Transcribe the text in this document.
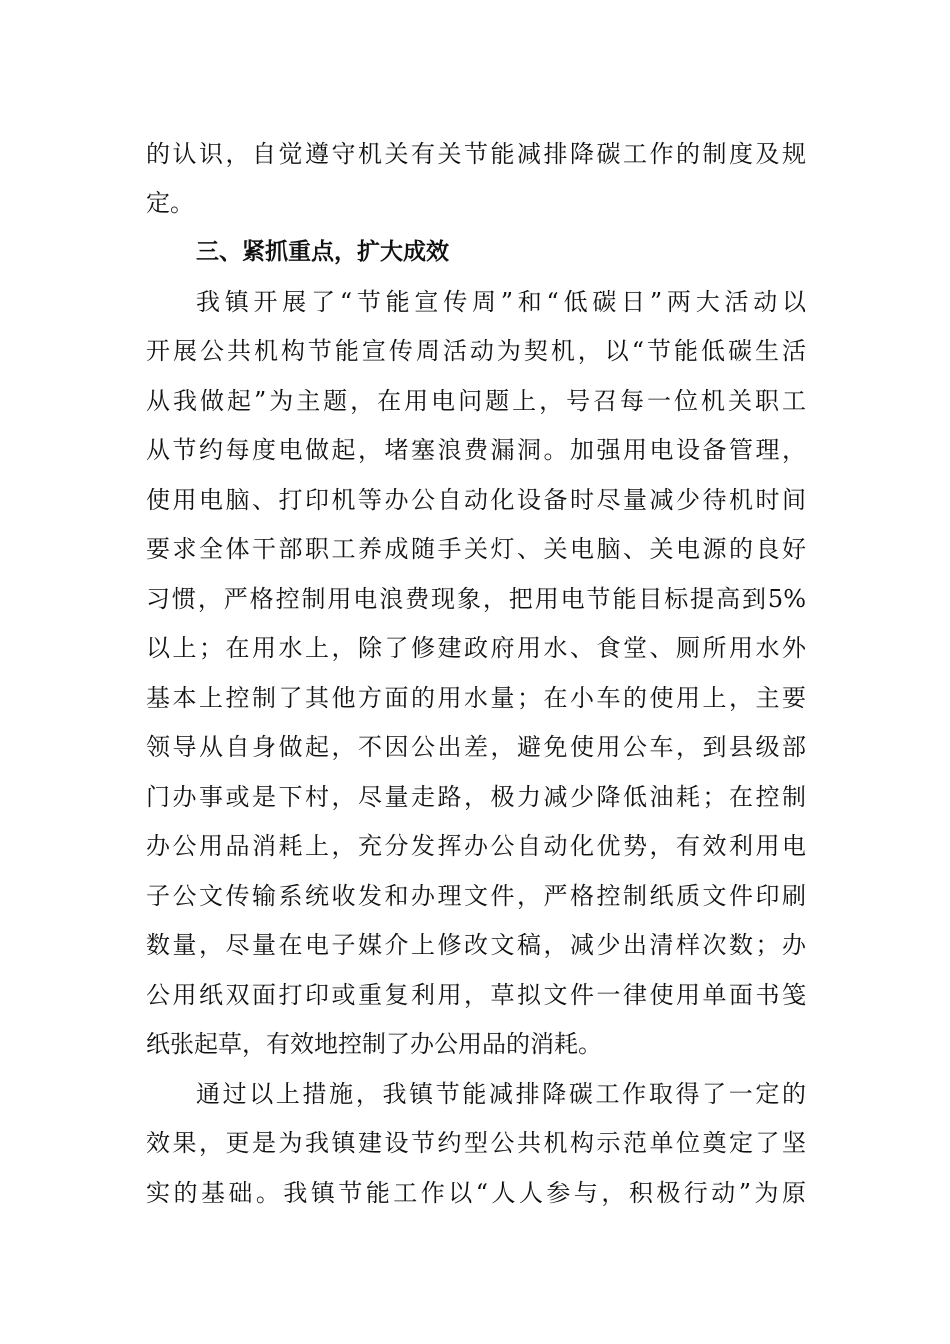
的认识，自觉遵守机关有关节能减排降碳工作的制度及规
定。
三、紧抓重点，扩大成效
我镇开展了“节能宣传周”和“低碳日”两大活动以
开展公共机构节能宣传周活动为契机，以“节能低碳生活
从我做起”为主题，在用电问题上，号召每一位机关职工
从节约每度电做起，堵塞浪费漏洞。加强用电设备管理，
使用电脑、打印机等办公自动化设备时尽量减少待机时间
要求全体干部职工养成随手关灯、关电脑、关电源的良好
习惯，严格控制用电浪费现象，把用电节能目标提高到5%
以上；在用水上，除了修建政府用水、食堂、厕所用水外
基本上控制了其他方面的用水量；在小车的使用上，主要
领导从自身做起，不因公出差，避免使用公车，到县级部
门办事或是下村，尽量走路，极力减少降低油耗；在控制
办公用品消耗上，充分发挥办公自动化优势，有效利用电
子公文传输系统收发和办理文件，严格控制纸质文件印刷
数量，尽量在电子媒介上修改文稿，减少出清样次数；办
公用纸双面打印或重复利用，草拟文件一律使用单面书笺
纸张起草，有效地控制了办公用品的消耗。
通过以上措施，我镇节能减排降碳工作取得了一定的
效果，更是为我镇建设节约型公共机构示范单位奠定了坚
实的基础。我镇节能工作以“人人参与，积极行动”为原
